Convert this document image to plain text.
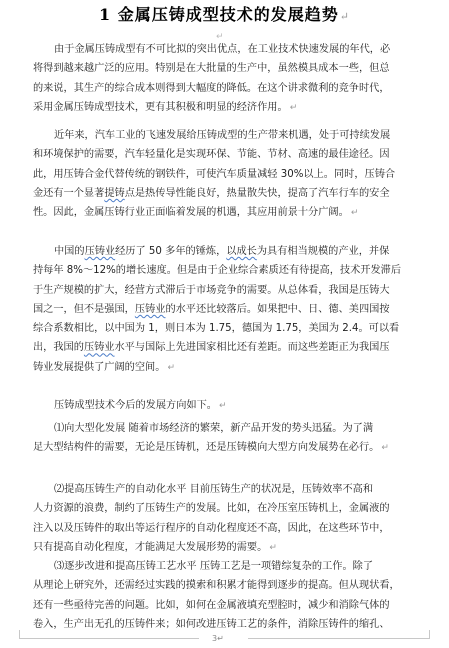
1 金属压铸成型技术的发展趋势↵
↵
由于金属压铸成型有不可比拟的突出优点，在工业技术快速发展的年代，必
将得到越来越广泛的应用。特别是在大批量的生产中，虽然模具成本一些，但总
的来说，其生产的综合成本则得到大幅度的降低。在这个讲求微利的竞争时代，
采用金属压铸成型技术，更有其积极和明显的经济作用。 ↵
近年来，汽车工业的飞速发展给压铸成型的生产带来机遇，处于可持续发展
和环境保护的需要，汽车轻量化是实现环保、节能、节材、高速的最佳途径。因
此，用压铸合金代替传统的钢铁件，可使汽车质量减轻 30%以上。同时，压铸合
金还有一个显著提铸点是热传导性能良好，热量散失快，提高了汽车行车的安全
性。因此，金属压铸行业正面临着发展的机遇，其应用前景十分广阔。 ↵
中国的压铸业经历了 50 多年的锤炼，以成长为具有相当规模的产业，并保
持每年 8%～12%的增长速度。但是由于企业综合素质还有待提高，技术开发滞后
于生产规模的扩大，经营方式滞后于市场竞争的需要。从总体看，我国是压铸大
国之一，但不是强国，压铸业的水平还比较落后。如果把中、日、德、美四国按
综合系数相比，以中国为 1，则日本为 1.75，德国为 1.75，美国为 2.4。可以看
出，我国的压铸业水平与国际上先进国家相比还有差距。而这些差距正为我国压
铸业发展提供了广阔的空间。 ↵
压铸成型技术今后的发展方向如下。 ↵
⑴向大型化发展 随着市场经济的繁荣，新产品开发的势头迅猛。为了满
足大型结构件的需要，无论是压铸机，还是压铸模向大型方向发展势在必行。 ↵
⑵提高压铸生产的自动化水平 目前压铸生产的状况是，压铸效率不高和
人力资源的浪费，制约了压铸生产的发展。比如，在冷压室压铸机上，金属液的
注入以及压铸件的取出等运行程序的自动化程度还不高，因此，在这些环节中，
只有提高自动化程度，才能满足大发展形势的需要。 ↵
⑶逐步改进和提高压铸工艺水平 压铸工艺是一项错综复杂的工作。除了
从理论上研究外，还需经过实践的摸索和积累才能得到逐步的提高。但从现状看，
还有一些亟待完善的问题。比如，如何在金属液填充型腔时，减少和消除气体的
卷入，生产出无孔的压铸件来；如何改进压铸工艺的条件，消除压铸件的缩孔、
3↵
